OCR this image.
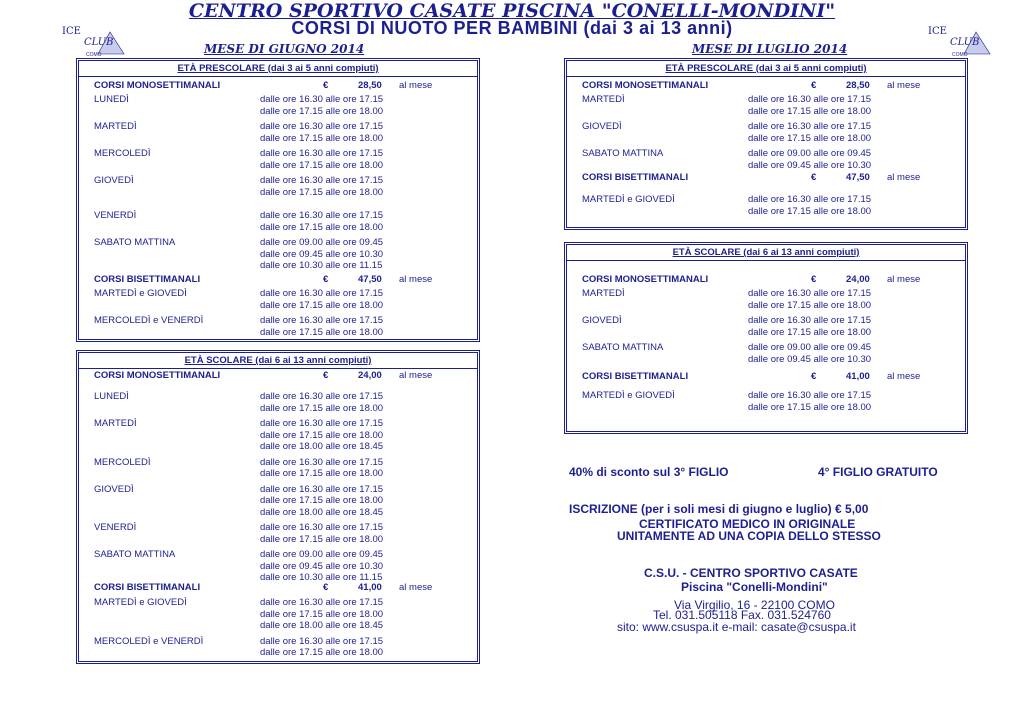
ICE
CLUB
COMO
ICE
CLUB
COMO
CENTRO SPORTIVO CASATE PISCINA "CONELLI-MONDINI"
CORSI DI NUOTO PER BAMBINI (dai 3 ai 13 anni)
MESE DI GIUGNO 2014	MESE DI LUGLIO 2014
ETÀ PRESCOLARE (dai 3 ai 5 anni compiuti)
CORSI MONOSETTIMANALI	€	28,50 al mese
LUNEDÌ	dalle ore 16.30 alle ore 17.15
dalle ore 17.15 alle ore 18.00
MARTEDÌ	dalle ore 16.30 alle ore 17.15
dalle ore 17.15 alle ore 18.00
MERCOLEDÌ	dalle ore 16.30 alle ore 17.15
dalle ore 17.15 alle ore 18.00
GIOVEDÌ	dalle ore 16.30 alle ore 17.15
dalle ore 17.15 alle ore 18.00
VENERDÌ	dalle ore 16.30 alle ore 17.15
dalle ore 17.15 alle ore 18.00
SABATO MATTINA	dalle ore 09.00 alle ore 09.45
dalle ore 09.45 alle ore 10.30
dalle ore 10.30 alle ore 11.15
CORSI BISETTIMANALI	€	47,50 al mese
MARTEDÌ e GIOVEDÌ	dalle ore 16.30 alle ore 17.15
dalle ore 17.15 alle ore 18.00
MERCOLEDÌ e VENERDÌ	dalle ore 16.30 alle ore 17.15
dalle ore 17.15 alle ore 18.00
ETÀ SCOLARE (dai 6 ai 13 anni compiuti)
CORSI MONOSETTIMANALI	€	24,00 al mese
LUNEDÌ	dalle ore 16.30 alle ore 17.15
dalle ore 17.15 alle ore 18.00
MARTEDÌ	dalle ore 16.30 alle ore 17.15
dalle ore 17.15 alle ore 18.00
dalle ore 18.00 alle ore 18.45
MERCOLEDÌ	dalle ore 16.30 alle ore 17.15
dalle ore 17.15 alle ore 18.00
GIOVEDÌ	dalle ore 16.30 alle ore 17.15
dalle ore 17.15 alle ore 18.00
dalle ore 18.00 alle ore 18.45
VENERDÌ	dalle ore 16.30 alle ore 17.15
dalle ore 17.15 alle ore 18.00
SABATO MATTINA	dalle ore 09.00 alle ore 09.45
dalle ore 09.45 alle ore 10.30
dalle ore 10.30 alle ore 11.15
CORSI BISETTIMANALI	€	41,00 al mese
MARTEDÌ e GIOVEDÌ	dalle ore 16.30 alle ore 17.15
dalle ore 17.15 alle ore 18.00
dalle ore 18.00 alle ore 18.45
MERCOLEDÌ e VENERDÌ	dalle ore 16.30 alle ore 17.15
dalle ore 17.15 alle ore 18.00
ETÀ PRESCOLARE (dai 3 ai 5 anni compiuti)
CORSI MONOSETTIMANALI	€	28,50 al mese
MARTEDÌ	dalle ore 16.30 alle ore 17.15
dalle ore 17.15 alle ore 18.00
GIOVEDÌ	dalle ore 16.30 alle ore 17.15
dalle ore 17.15 alle ore 18.00
SABATO MATTINA	dalle ore 09.00 alle ore 09.45
dalle ore 09.45 alle ore 10.30
CORSI BISETTIMANALI	€	47,50 al mese
MARTEDÌ e GIOVEDÌ	dalle ore 16.30 alle ore 17.15
dalle ore 17.15 alle ore 18.00
ETÀ SCOLARE (dai 6 ai 13 anni compiuti)
CORSI MONOSETTIMANALI	€	24,00 al mese
MARTEDÌ	dalle ore 16.30 alle ore 17.15
dalle ore 17.15 alle ore 18.00
GIOVEDÌ	dalle ore 16.30 alle ore 17.15
dalle ore 17.15 alle ore 18.00
SABATO MATTINA	dalle ore 09.00 alle ore 09.45
dalle ore 09.45 alle ore 10.30
CORSI BISETTIMANALI	€	41,00 al mese
MARTEDÌ e GIOVEDÌ	dalle ore 16.30 alle ore 17.15
dalle ore 17.15 alle ore 18.00
40% di sconto sul 3° FIGLIO	4° FIGLIO GRATUITO
ISCRIZIONE (per i soli mesi di giugno e luglio) € 5,00
CERTIFICATO MEDICO IN ORIGINALE
UNITAMENTE AD UNA COPIA DELLO STESSO
C.S.U. - CENTRO SPORTIVO CASATE
Piscina "Conelli-Mondini"
Via Virgilio, 16 - 22100 COMO
Tel. 031.505118 Fax. 031.524760
sito: www.csuspa.it e-mail: casate@csuspa.it
